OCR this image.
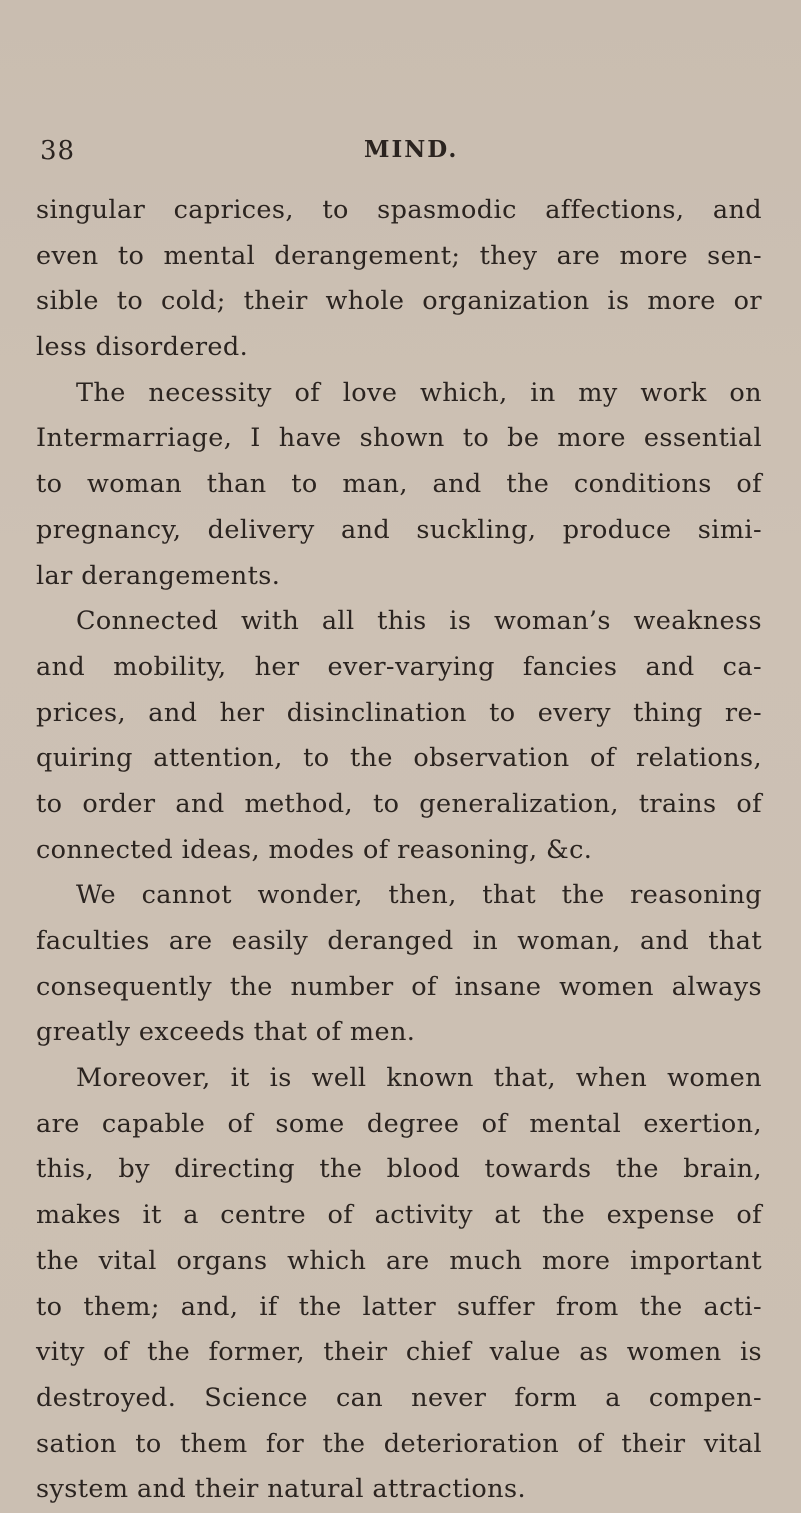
38	MIND.
singular caprices, to spasmodic affections, and
even to mental derangement; they are more sen-
sible to cold; their whole organization is more or
less disordered.
The necessity of love which, in my work on
Intermarriage, I have shown to be more essential
to woman than to man, and the conditions of
pregnancy, delivery and suckling, produce simi-
lar derangements.
Connected with all this is woman’s weakness
and mobility, her ever-varying fancies and ca-
prices, and her disinclination to every thing re-
quiring attention, to the observation of relations,
to order and method, to generalization, trains of
connected ideas, modes of reasoning, &c.
We cannot wonder, then, that the reasoning
faculties are easily deranged in woman, and that
consequently the number of insane women always
greatly exceeds that of men.
Moreover, it is well known that, when women
are capable of some degree of mental exertion,
this, by directing the blood towards the brain,
makes it a centre of activity at the expense of
the vital organs which are much more important
to them; and, if the latter suffer from the acti-
vity of the former, their chief value as women is
destroyed. Science can never form a compen-
sation to them for the deterioration of their vital
system and their natural attractions.
